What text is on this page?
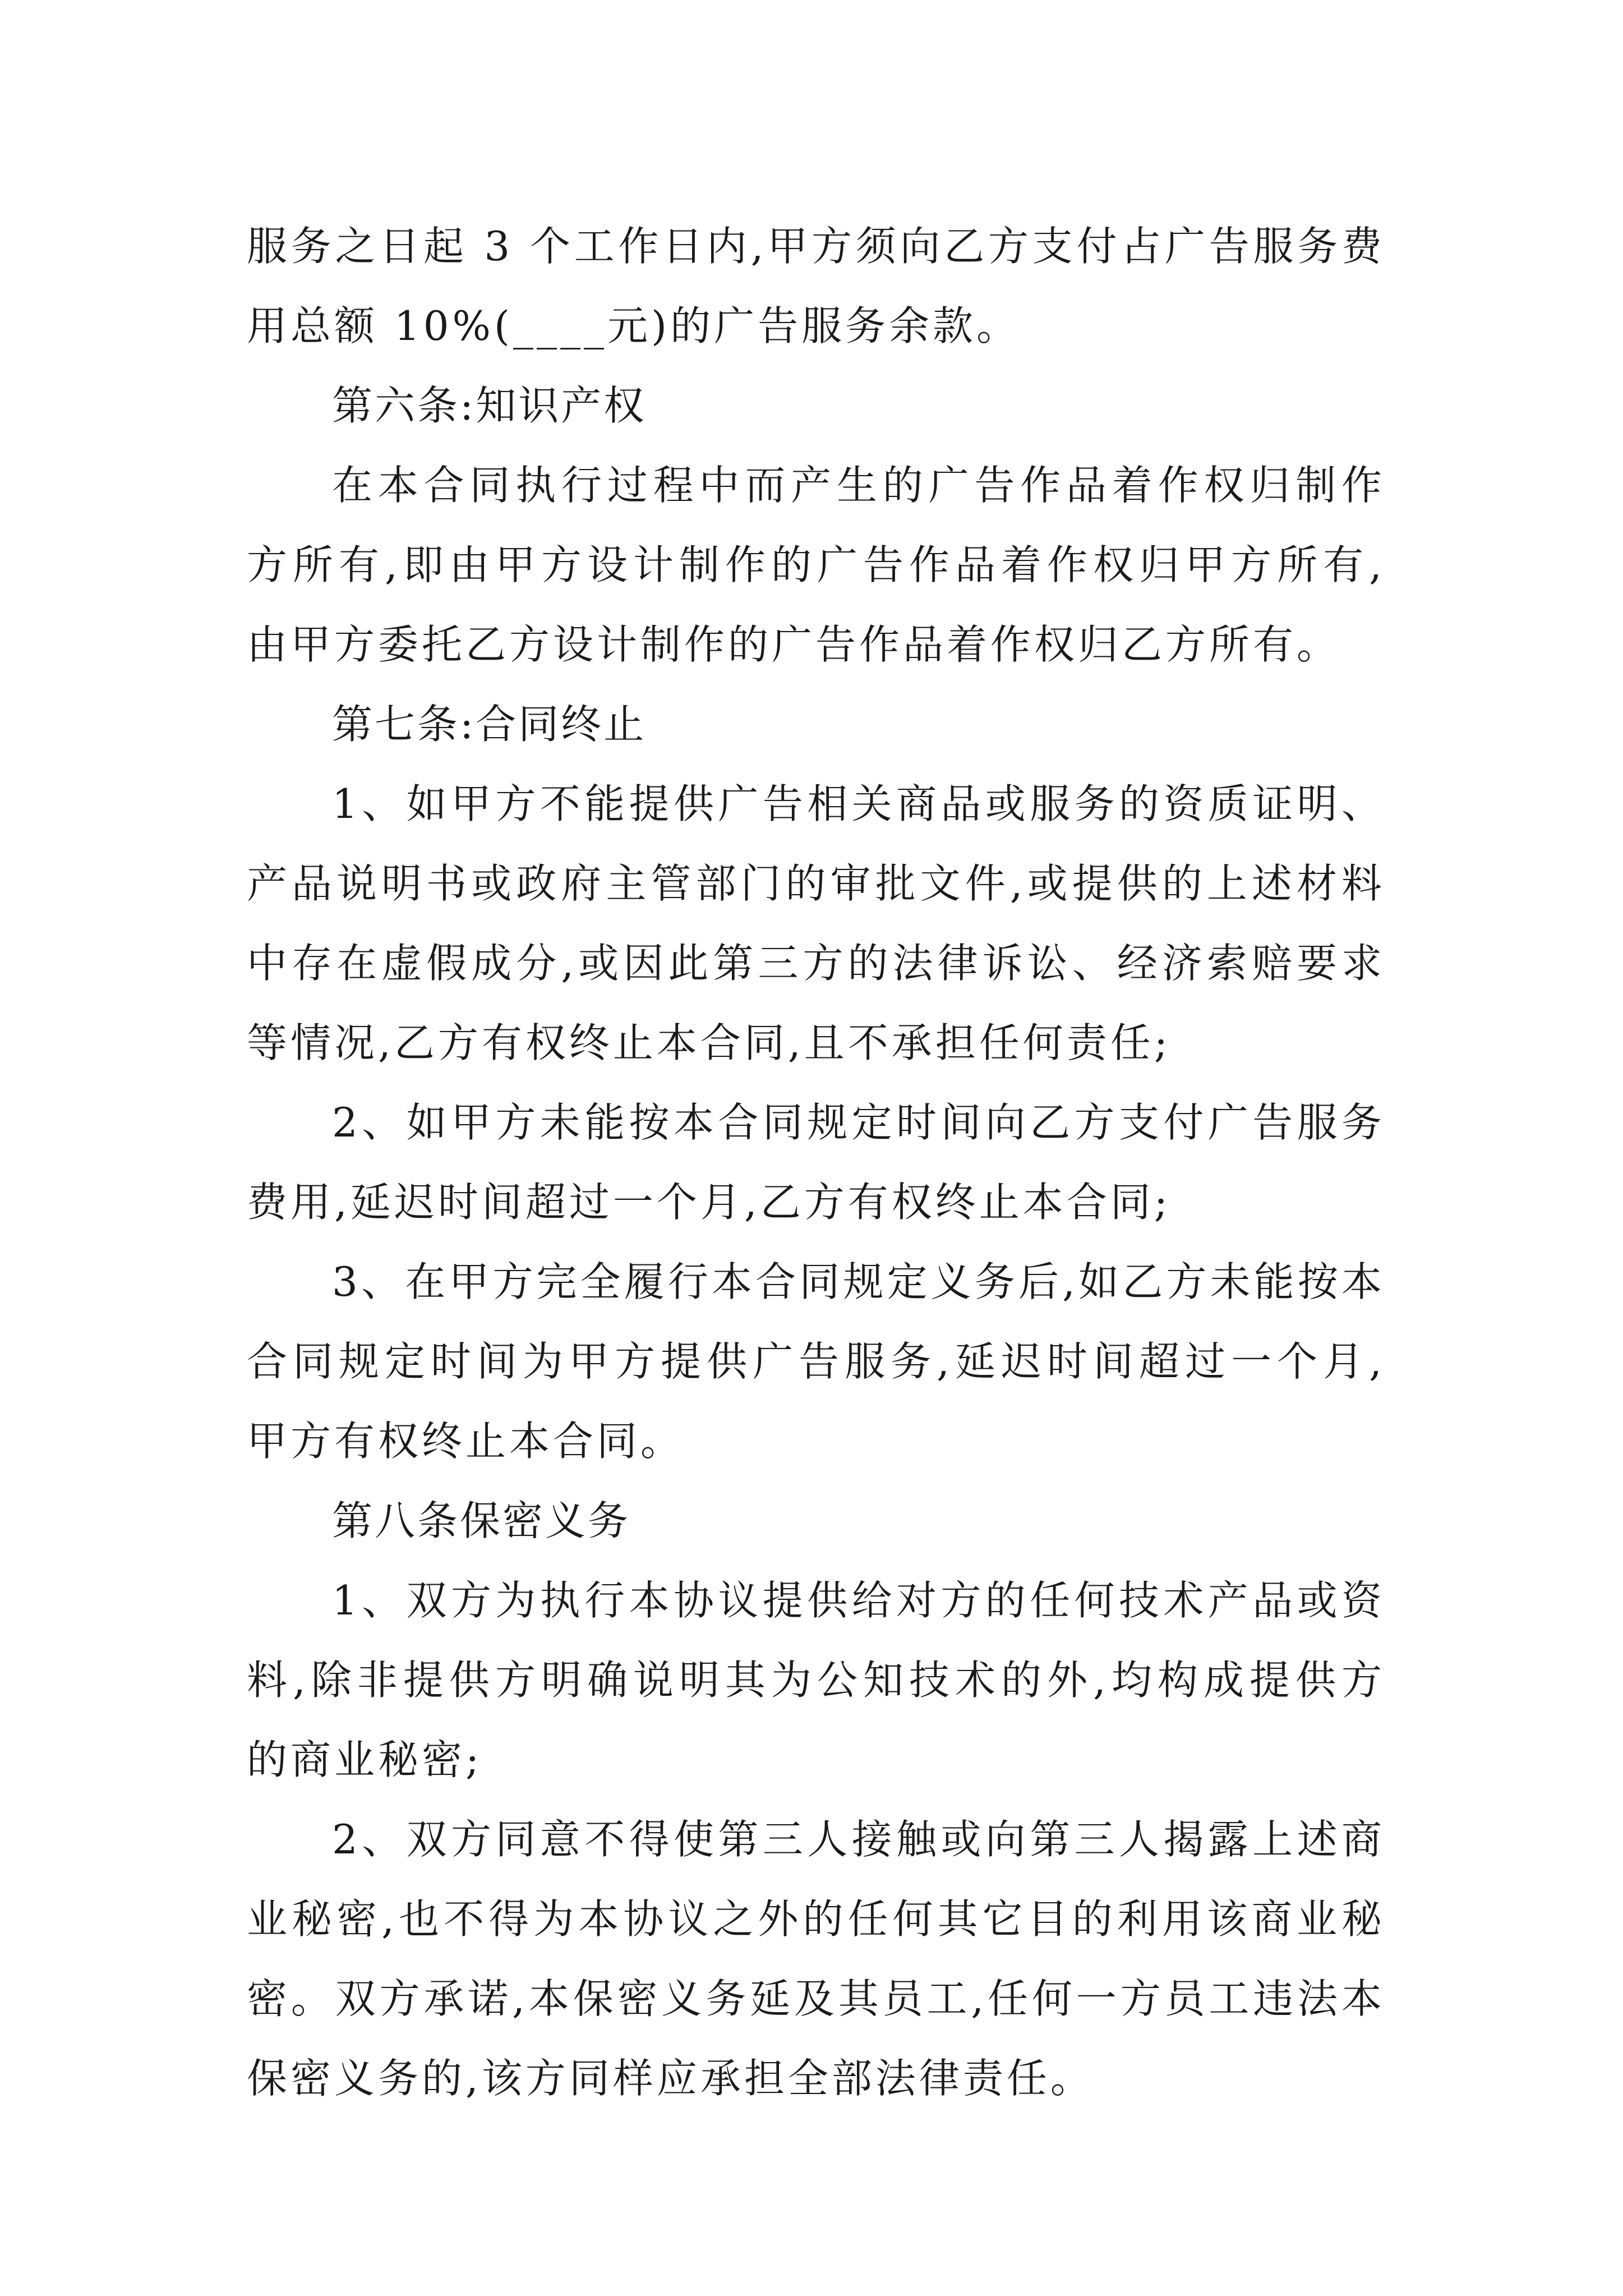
服务之日起 3 个工作日内,甲方须向乙方支付占广告服务费
用总额 10%(____元)的广告服务余款。
第六条:知识产权
在本合同执行过程中而产生的广告作品着作权归制作
方所有,即由甲方设计制作的广告作品着作权归甲方所有,
由甲方委托乙方设计制作的广告作品着作权归乙方所有。
第七条:合同终止
1、如甲方不能提供广告相关商品或服务的资质证明、
产品说明书或政府主管部门的审批文件,或提供的上述材料
中存在虚假成分,或因此第三方的法律诉讼、经济索赔要求
等情况,乙方有权终止本合同,且不承担任何责任;
2、如甲方未能按本合同规定时间向乙方支付广告服务
费用,延迟时间超过一个月,乙方有权终止本合同;
3、在甲方完全履行本合同规定义务后,如乙方未能按本
合同规定时间为甲方提供广告服务,延迟时间超过一个月,
甲方有权终止本合同。
第八条保密义务
1、双方为执行本协议提供给对方的任何技术产品或资
料,除非提供方明确说明其为公知技术的外,均构成提供方
的商业秘密;
2、双方同意不得使第三人接触或向第三人揭露上述商
业秘密,也不得为本协议之外的任何其它目的利用该商业秘
密。双方承诺,本保密义务延及其员工,任何一方员工违法本
保密义务的,该方同样应承担全部法律责任。
